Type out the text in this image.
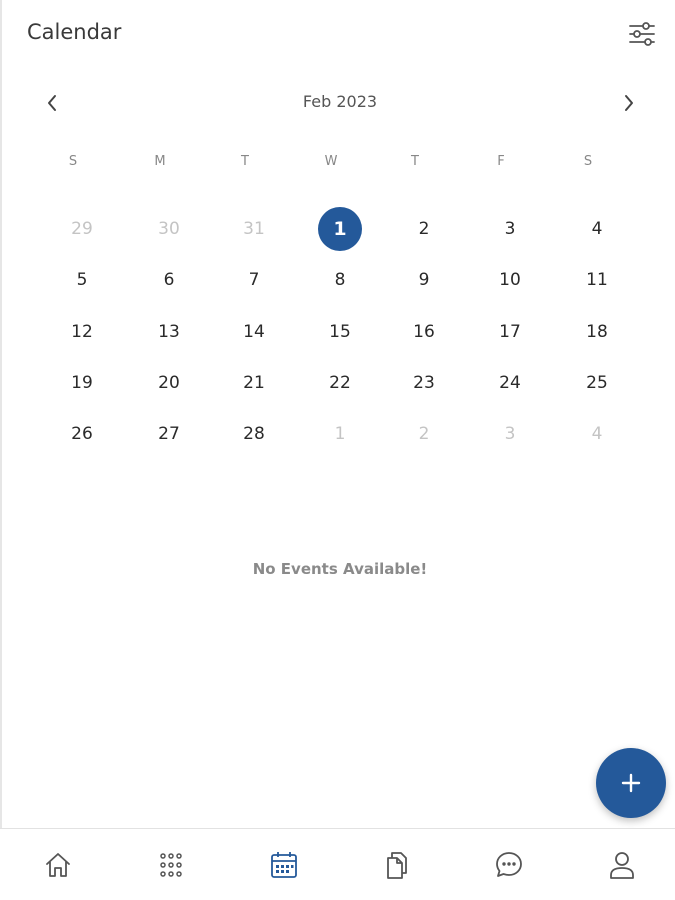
Calendar
Feb 2023
S	M	T	W	T	F	S
29	30	31	1	2	3	4
5	6	7	8	9	10	11
12	13	14	15	16	17	18
19	20	21	22	23	24	25
26	27	28	1	2	3	4
No Events Available!
